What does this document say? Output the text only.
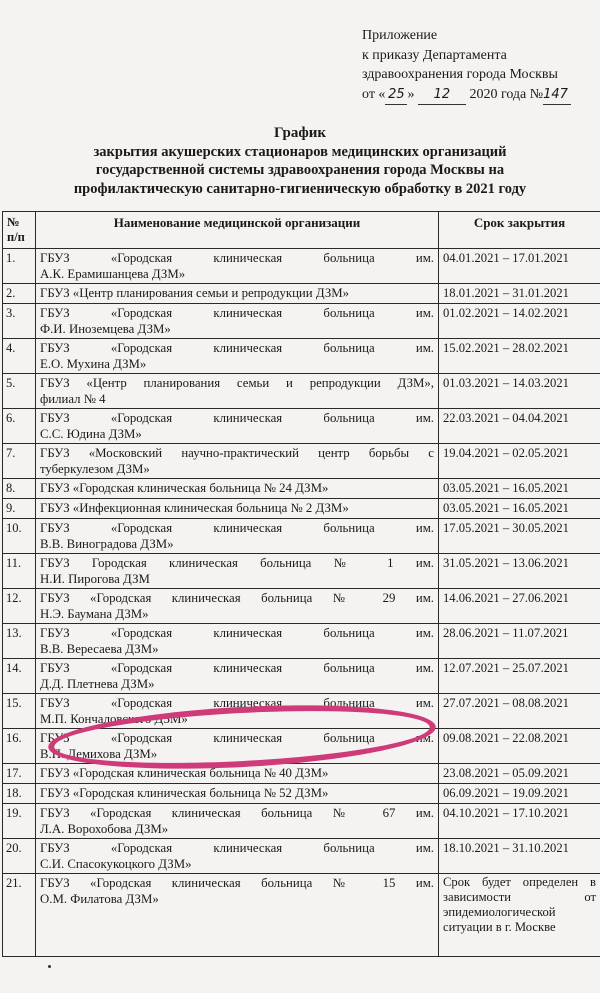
Приложение
к приказу Департамента
здравоохранения города Москвы
от « 25 » 12 2020 года №147
График
закрытия акушерских стационаров медицинских организаций
государственной системы здравоохранения города Москвы на
профилактическую санитарно-гигиеническую обработку в 2021 году
№ п/п	Наименование медицинской организации	Срок закрытия
1.	ГБУЗ «Городская клиническая больница им.
А.К. Ерамишанцева ДЗМ»	04.01.2021 – 17.01.2021
2.	ГБУЗ «Центр планирования семьи и репродукции ДЗМ»	18.01.2021 – 31.01.2021
3.	ГБУЗ «Городская клиническая больница им.
Ф.И. Иноземцева ДЗМ»	01.02.2021 – 14.02.2021
4.	ГБУЗ «Городская клиническая больница им.
Е.О. Мухина ДЗМ»	15.02.2021 – 28.02.2021
5.	ГБУЗ «Центр планирования семьи и репродукции ДЗМ»,
филиал № 4	01.03.2021 – 14.03.2021
6.	ГБУЗ «Городская клиническая больница им.
С.С. Юдина ДЗМ»	22.03.2021 – 04.04.2021
7.	ГБУЗ «Московский научно-практический центр борьбы с
туберкулезом ДЗМ»	19.04.2021 – 02.05.2021
8.	ГБУЗ «Городская клиническая больница № 24 ДЗМ»	03.05.2021 – 16.05.2021
9.	ГБУЗ «Инфекционная клиническая больница № 2 ДЗМ»	03.05.2021 – 16.05.2021
10.	ГБУЗ «Городская клиническая больница им.
В.В. Виноградова ДЗМ»	17.05.2021 – 30.05.2021
11.	ГБУЗ Городская клиническая больница № 1 им.
Н.И. Пирогова ДЗМ	31.05.2021 – 13.06.2021
12.	ГБУЗ «Городская клиническая больница № 29 им.
Н.Э. Баумана ДЗМ»	14.06.2021 – 27.06.2021
13.	ГБУЗ «Городская клиническая больница им.
В.В. Вересаева ДЗМ»	28.06.2021 – 11.07.2021
14.	ГБУЗ «Городская клиническая больница им.
Д.Д. Плетнева ДЗМ»	12.07.2021 – 25.07.2021
15.	ГБУЗ «Городская клиническая больница им.
М.П. Кончаловского ДЗМ»	27.07.2021 – 08.08.2021
16.	ГБУЗ «Городская клиническая больница им.
В.П. Демихова ДЗМ»	09.08.2021 – 22.08.2021
17.	ГБУЗ «Городская клиническая больница № 40 ДЗМ»	23.08.2021 – 05.09.2021
18.	ГБУЗ «Городская клиническая больница № 52 ДЗМ»	06.09.2021 – 19.09.2021
19.	ГБУЗ «Городская клиническая больница № 67 им.
Л.А. Ворохобова ДЗМ»	04.10.2021 – 17.10.2021
20.	ГБУЗ «Городская клиническая больница им.
С.И. Спасокукоцкого ДЗМ»	18.10.2021 – 31.10.2021
21.	ГБУЗ «Городская клиническая больница № 15 им.
О.М. Филатова ДЗМ»	Срок будет определен в зависимости от эпидемиологической ситуации в г. Москве
